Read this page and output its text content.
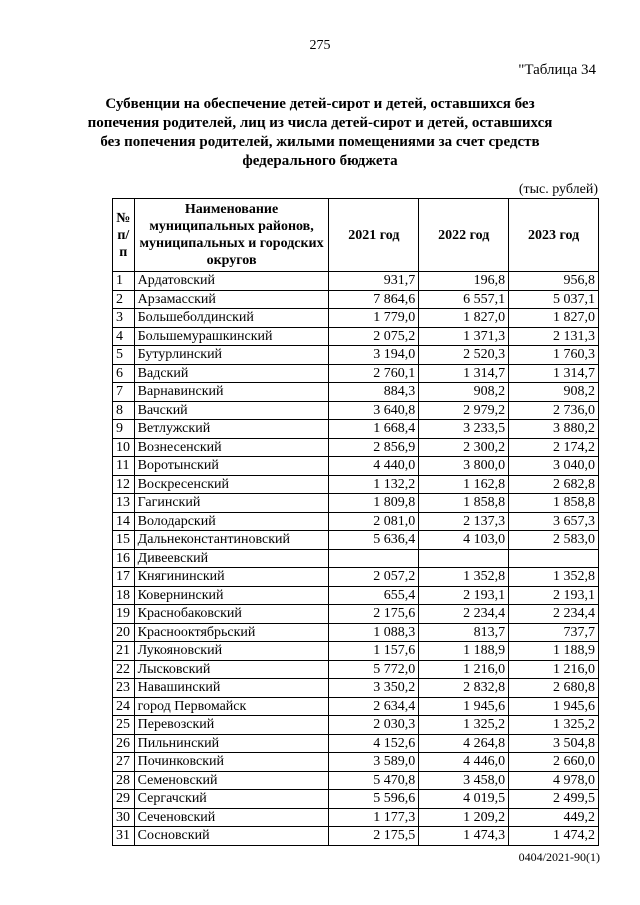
275
"Таблица 34
Субвенции на обеспечение детей-сирот и детей, оставшихся без попечения родителей, лиц из числа детей-сирот и детей, оставшихся без попечения родителей, жилыми помещениями за счет средств федерального бюджета
(тыс. рублей)
№ п/п	Наименование муниципальных районов, муниципальных и городских округов	2021 год	2022 год	2023 год
1	Ардатовский	931,7	196,8	956,8
2	Арзамасский	7 864,6	6 557,1	5 037,1
3	Большеболдинский	1 779,0	1 827,0	1 827,0
4	Большемурашкинский	2 075,2	1 371,3	2 131,3
5	Бутурлинский	3 194,0	2 520,3	1 760,3
6	Вадский	2 760,1	1 314,7	1 314,7
7	Варнавинский	884,3	908,2	908,2
8	Вачский	3 640,8	2 979,2	2 736,0
9	Ветлужский	1 668,4	3 233,5	3 880,2
10	Вознесенский	2 856,9	2 300,2	2 174,2
11	Воротынский	4 440,0	3 800,0	3 040,0
12	Воскресенский	1 132,2	1 162,8	2 682,8
13	Гагинский	1 809,8	1 858,8	1 858,8
14	Володарский	2 081,0	2 137,3	3 657,3
15	Дальнеконстантиновский	5 636,4	4 103,0	2 583,0
16	Дивеевский			
17	Княгининский	2 057,2	1 352,8	1 352,8
18	Ковернинский	655,4	2 193,1	2 193,1
19	Краснобаковский	2 175,6	2 234,4	2 234,4
20	Краснооктябрьский	1 088,3	813,7	737,7
21	Лукояновский	1 157,6	1 188,9	1 188,9
22	Лысковский	5 772,0	1 216,0	1 216,0
23	Навашинский	3 350,2	2 832,8	2 680,8
24	город Первомайск	2 634,4	1 945,6	1 945,6
25	Перевозский	2 030,3	1 325,2	1 325,2
26	Пильнинский	4 152,6	4 264,8	3 504,8
27	Починковский	3 589,0	4 446,0	2 660,0
28	Семеновский	5 470,8	3 458,0	4 978,0
29	Сергачский	5 596,6	4 019,5	2 499,5
30	Сеченовский	1 177,3	1 209,2	449,2
31	Сосновский	2 175,5	1 474,3	1 474,2
0404/2021-90(1)
